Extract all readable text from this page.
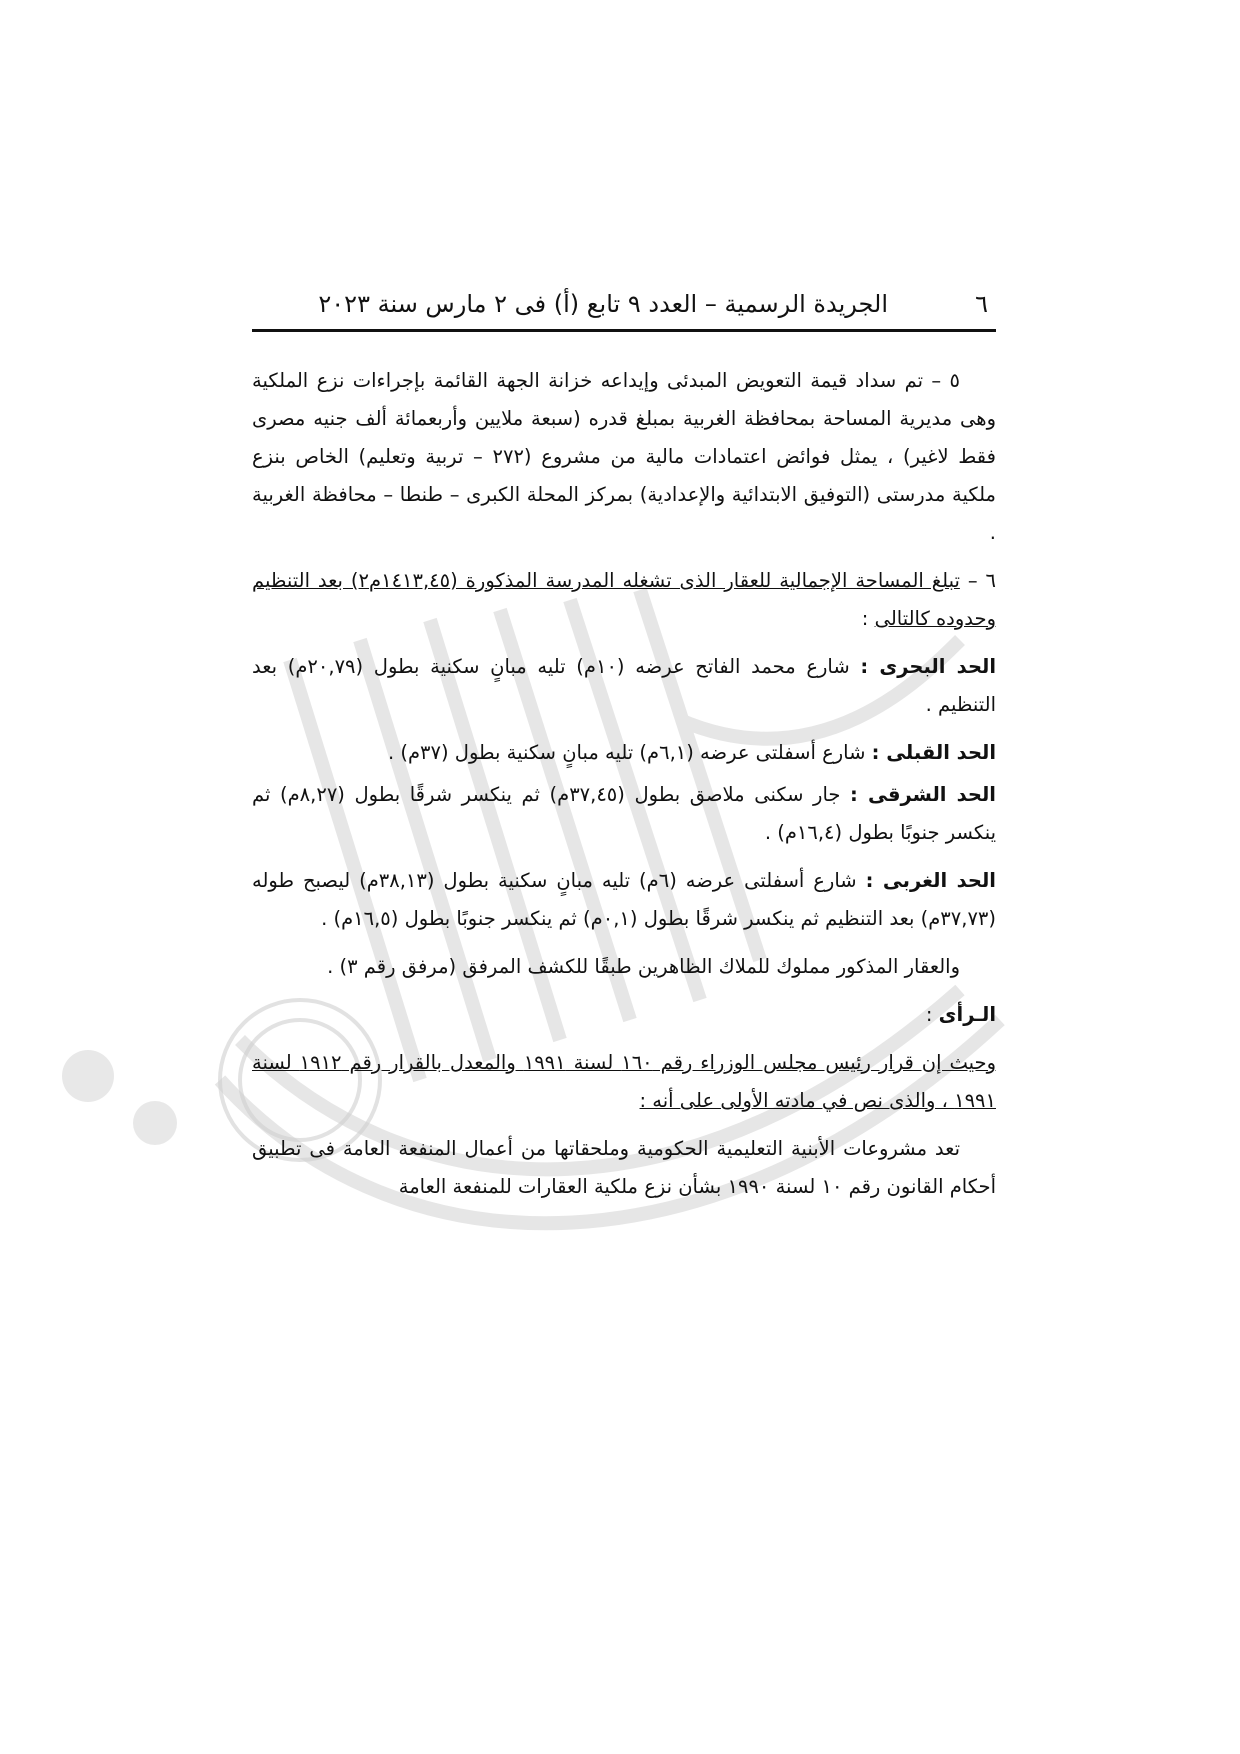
٦
الجريدة الرسمية – العدد ٩ تابع (أ) فى ٢ مارس سنة ٢٠٢٣

٥ – تم سداد قيمة التعويض المبدئى وإيداعه خزانة الجهة القائمة بإجراءات نزع الملكية وهى مديرية المساحة بمحافظة الغربية بمبلغ قدره (سبعة ملايين وأربعمائة ألف جنيه مصرى فقط لاغير) ، يمثل فوائض اعتمادات مالية من مشروع (٢٧٢ – تربية وتعليم) الخاص بنزع ملكية مدرستى (التوفيق الابتدائية والإعدادية) بمركز المحلة الكبرى – طنطا – محافظة الغربية .

٦ – تبلغ المساحة الإجمالية للعقار الذى تشغله المدرسة المذكورة (١٤١٣,٤٥م٢) بعد التنظيم وحدوده كالتالى :

الحد البحرى : شارع محمد الفاتح عرضه (١٠م) تليه مبانٍ سكنية بطول (٢٠,٧٩م) بعد التنظيم .

الحد القبلى : شارع أسفلتى عرضه (٦,١م) تليه مبانٍ سكنية بطول (٣٧م) .

الحد الشرقى : جار سكنى ملاصق بطول (٣٧,٤٥م) ثم ينكسر شرقًا بطول (٨,٢٧م) ثم ينكسر جنوبًا بطول (١٦,٤م) .

الحد الغربى : شارع أسفلتى عرضه (٦م) تليه مبانٍ سكنية بطول (٣٨,١٣م) ليصبح طوله (٣٧,٧٣م) بعد التنظيم ثم ينكسر شرقًا بطول (٠,١م) ثم ينكسر جنوبًا بطول (١٦,٥م) .

والعقار المذكور مملوك للملاك الظاهرين طبقًا للكشف المرفق (مرفق رقم ٣) .

الـرأى :

وحيث إن قرار رئيس مجلس الوزراء رقم ١٦٠ لسنة ١٩٩١ والمعدل بالقرار رقم ١٩١٢ لسنة ١٩٩١ ، والذى نص في مادته الأولى على أنه :

تعد مشروعات الأبنية التعليمية الحكومية وملحقاتها من أعمال المنفعة العامة فى تطبيق أحكام القانون رقم ١٠ لسنة ١٩٩٠ بشأن نزع ملكية العقارات للمنفعة العامة
